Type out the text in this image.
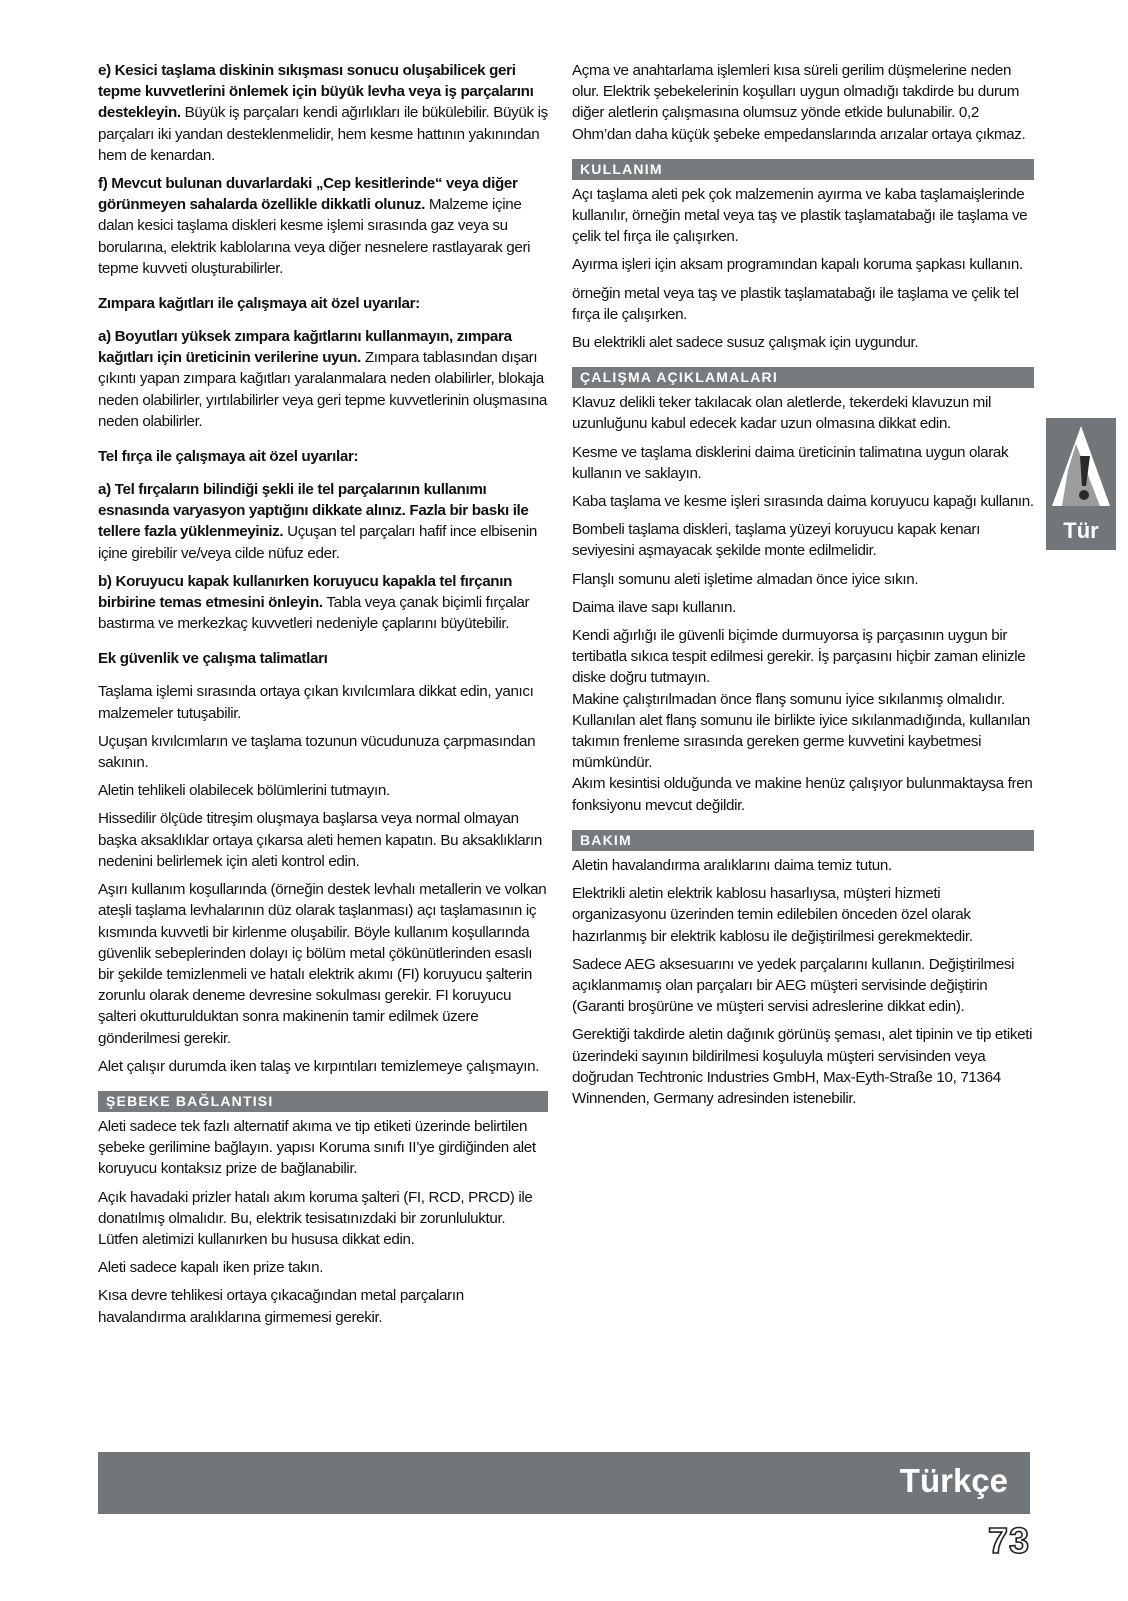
e) Kesici taşlama diskinin sıkışması sonucu oluşabilicek geri tepme kuvvetlerini önlemek için büyük levha veya iş parçalarını destekleyin. Büyük iş parçaları kendi ağırlıkları ile bükülebilir. Büyük iş parçaları iki yandan desteklenmelidir, hem kesme hattının yakınından hem de kenardan.

f) Mevcut bulunan duvarlardaki „Cep kesitlerinde“ veya diğer görünmeyen sahalarda özellikle dikkatli olunuz. Malzeme içine dalan kesici taşlama diskleri kesme işlemi sırasında gaz veya su borularına, elektrik kablolarına veya diğer nesnelere rastlayarak geri tepme kuvveti oluşturabilirler.

Zımpara kağıtları ile çalışmaya ait özel uyarılar:

a) Boyutları yüksek zımpara kağıtlarını kullanmayın, zımpara kağıtları için üreticinin verilerine uyun. Zımpara tablasından dışarı çıkıntı yapan zımpara kağıtları yaralanmalara neden olabilirler, blokaja neden olabilirler, yırtılabilirler veya geri tepme kuvvetlerinin oluşmasına neden olabilirler.

Tel fırça ile çalışmaya ait özel uyarılar:

a) Tel fırçaların bilindiği şekli ile tel parçalarının kullanımı esnasında varyasyon yaptığını dikkate alınız. Fazla bir baskı ile tellere fazla yüklenmeyiniz. Uçuşan tel parçaları hafif ince elbisenin içine girebilir ve/veya cilde nüfuz eder.

b) Koruyucu kapak kullanırken koruyucu kapakla tel fırçanın birbirine temas etmesini önleyin. Tabla veya çanak biçimli fırçalar bastırma ve merkezkaç kuvvetleri nedeniyle çaplarını büyütebilir.

Ek güvenlik ve çalışma talimatları

Taşlama işlemi sırasında ortaya çıkan kıvılcımlara dikkat edin, yanıcı malzemeler tutuşabilir.

Uçuşan kıvılcımların ve taşlama tozunun vücudunuza çarpmasından sakının.

Aletin tehlikeli olabilecek bölümlerini tutmayın.

Hissedilir ölçüde titreşim oluşmaya başlarsa veya normal olmayan başka aksaklıklar ortaya çıkarsa aleti hemen kapatın. Bu aksaklıkların nedenini belirlemek için aleti kontrol edin.

Aşırı kullanım koşullarında (örneğin destek levhalı metallerin ve volkan ateşli taşlama levhalarının düz olarak taşlanması) açı taşlamasının iç kısmında kuvvetli bir kirlenme oluşabilir. Böyle kullanım koşullarında güvenlik sebeplerinden dolayı iç bölüm metal çökünütlerinden esaslı bir şekilde temizlenmeli ve hatalı elektrik akımı (FI) koruyucu şalterin zorunlu olarak deneme devresine sokulması gerekir. FI koruyucu şalteri okutturulduktan sonra makinenin tamir edilmek üzere gönderilmesi gerekir.

Alet çalışır durumda iken talaş ve kırpıntıları temizlemeye çalışmayın.

ŞEBEKE BAĞLANTISI

Aleti sadece tek fazlı alternatif akıma ve tip etiketi üzerinde belirtilen şebeke gerilimine bağlayın. yapısı Koruma sınıfı II’ye girdiğinden alet koruyucu kontaksız prize de bağlanabilir.

Açık havadaki prizler hatalı akım koruma şalteri (FI, RCD, PRCD) ile donatılmış olmalıdır. Bu, elektrik tesisatınızdaki bir zorunluluktur. Lütfen aletimizi kullanırken bu hususa dikkat edin.

Aleti sadece kapalı iken prize takın.

Kısa devre tehlikesi ortaya çıkacağından metal parçaların havalandırma aralıklarına girmemesi gerekir.

Açma ve anahtarlama işlemleri kısa süreli gerilim düşmelerine neden olur. Elektrik şebekelerinin koşulları uygun olmadığı takdirde bu durum diğer aletlerin çalışmasına olumsuz yönde etkide bulunabilir. 0,2 Ohm’dan daha küçük şebeke empedanslarında arızalar ortaya çıkmaz.

KULLANIM

Açı taşlama aleti pek çok malzemenin ayırma ve kaba taşlamaişlerinde kullanılır, örneğin metal veya taş ve plastik taşlamatabağı ile taşlama ve çelik tel fırça ile çalışırken.

Ayırma işleri için aksam programından kapalı koruma şapkası kullanın.

örneğin metal veya taş ve plastik taşlamatabağı ile taşlama ve çelik tel fırça ile çalışırken.

Bu elektrikli alet sadece susuz çalışmak için uygundur.

ÇALIŞMA AÇIKLAMALARI

Klavuz delikli teker takılacak olan aletlerde, tekerdeki klavuzun mil uzunluğunu kabul edecek kadar uzun olmasına dikkat edin.

Kesme ve taşlama disklerini daima üreticinin talimatına uygun olarak kullanın ve saklayın.

Kaba taşlama ve kesme işleri sırasında daima koruyucu kapağı kullanın.

Bombeli taşlama diskleri, taşlama yüzeyi koruyucu kapak kenarı seviyesini aşmayacak şekilde monte edilmelidir.

Flanşlı somunu aleti işletime almadan önce iyice sıkın.

Daima ilave sapı kullanın.

Kendi ağırlığı ile güvenli biçimde durmuyorsa iş parçasının uygun bir tertibatla sıkıca tespit edilmesi gerekir. İş parçasını hiçbir zaman elinizle diske doğru tutmayın.

Makine çalıştırılmadan önce flanş somunu iyice sıkılanmış olmalıdır. Kullanılan alet flanş somunu ile birlikte iyice sıkılanmadığında, kullanılan takımın frenleme sırasında gereken germe kuvvetini kaybetmesi mümkündür.

Akım kesintisi olduğunda ve makine henüz çalışıyor bulunmaktaysa fren fonksiyonu mevcut değildir.

BAKIM

Aletin havalandırma aralıklarını daima temiz tutun.

Elektrikli aletin elektrik kablosu hasarlıysa, müşteri hizmeti organizasyonu üzerinden temin edilebilen önceden özel olarak hazırlanmış bir elektrik kablosu ile değiştirilmesi gerekmektedir.

Sadece AEG aksesuarını ve yedek parçalarını kullanın. Değiştirilmesi açıklanmamış olan parçaları bir AEG müşteri servisinde değiştirin (Garanti broşürüne ve müşteri servisi adreslerine dikkat edin).

Gerektiği takdirde aletin dağınık görünüş şeması, alet tipinin ve tip etiketi üzerindeki sayının bildirilmesi koşuluyla müşteri servisinden veya doğrudan Techtronic Industries GmbH, Max-Eyth-Straße 10, 71364 Winnenden, Germany adresinden istenebilir.

Tür
Türkçe
73
